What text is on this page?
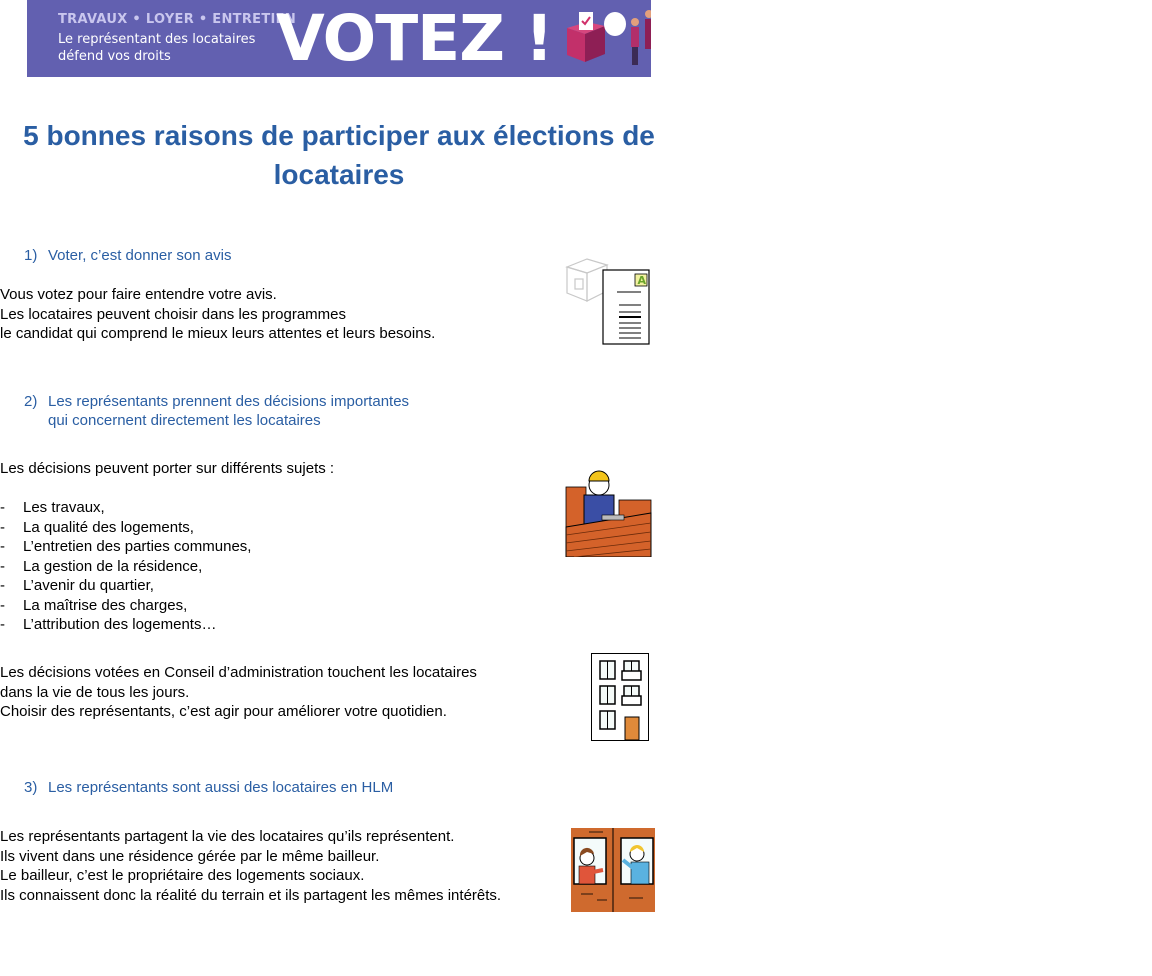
TRAVAUX • LOYER • ENTRETIEN
Le représentant des locataires
défend vos droits	VOTEZ !
5 bonnes raisons de participer aux élections de locataires
1) Voter, c’est donner son avis
Vous votez pour faire entendre votre avis.
Les locataires peuvent choisir dans les programmes
le candidat qui comprend le mieux leurs attentes et leurs besoins.
A
2) Les représentants prennent des décisions importantes
qui concernent directement les locataires
Les décisions peuvent porter sur différents sujets :
- Les travaux,
- La qualité des logements,
- L’entretien des parties communes,
- La gestion de la résidence,
- L’avenir du quartier,
- La maîtrise des charges,
- L’attribution des logements…
Les décisions votées en Conseil d’administration touchent les locataires
dans la vie de tous les jours.
Choisir des représentants, c’est agir pour améliorer votre quotidien.
3) Les représentants sont aussi des locataires en HLM
Les représentants partagent la vie des locataires qu’ils représentent.
Ils vivent dans une résidence gérée par le même bailleur.
Le bailleur, c’est le propriétaire des logements sociaux.
Ils connaissent donc la réalité du terrain et ils partagent les mêmes intérêts.
